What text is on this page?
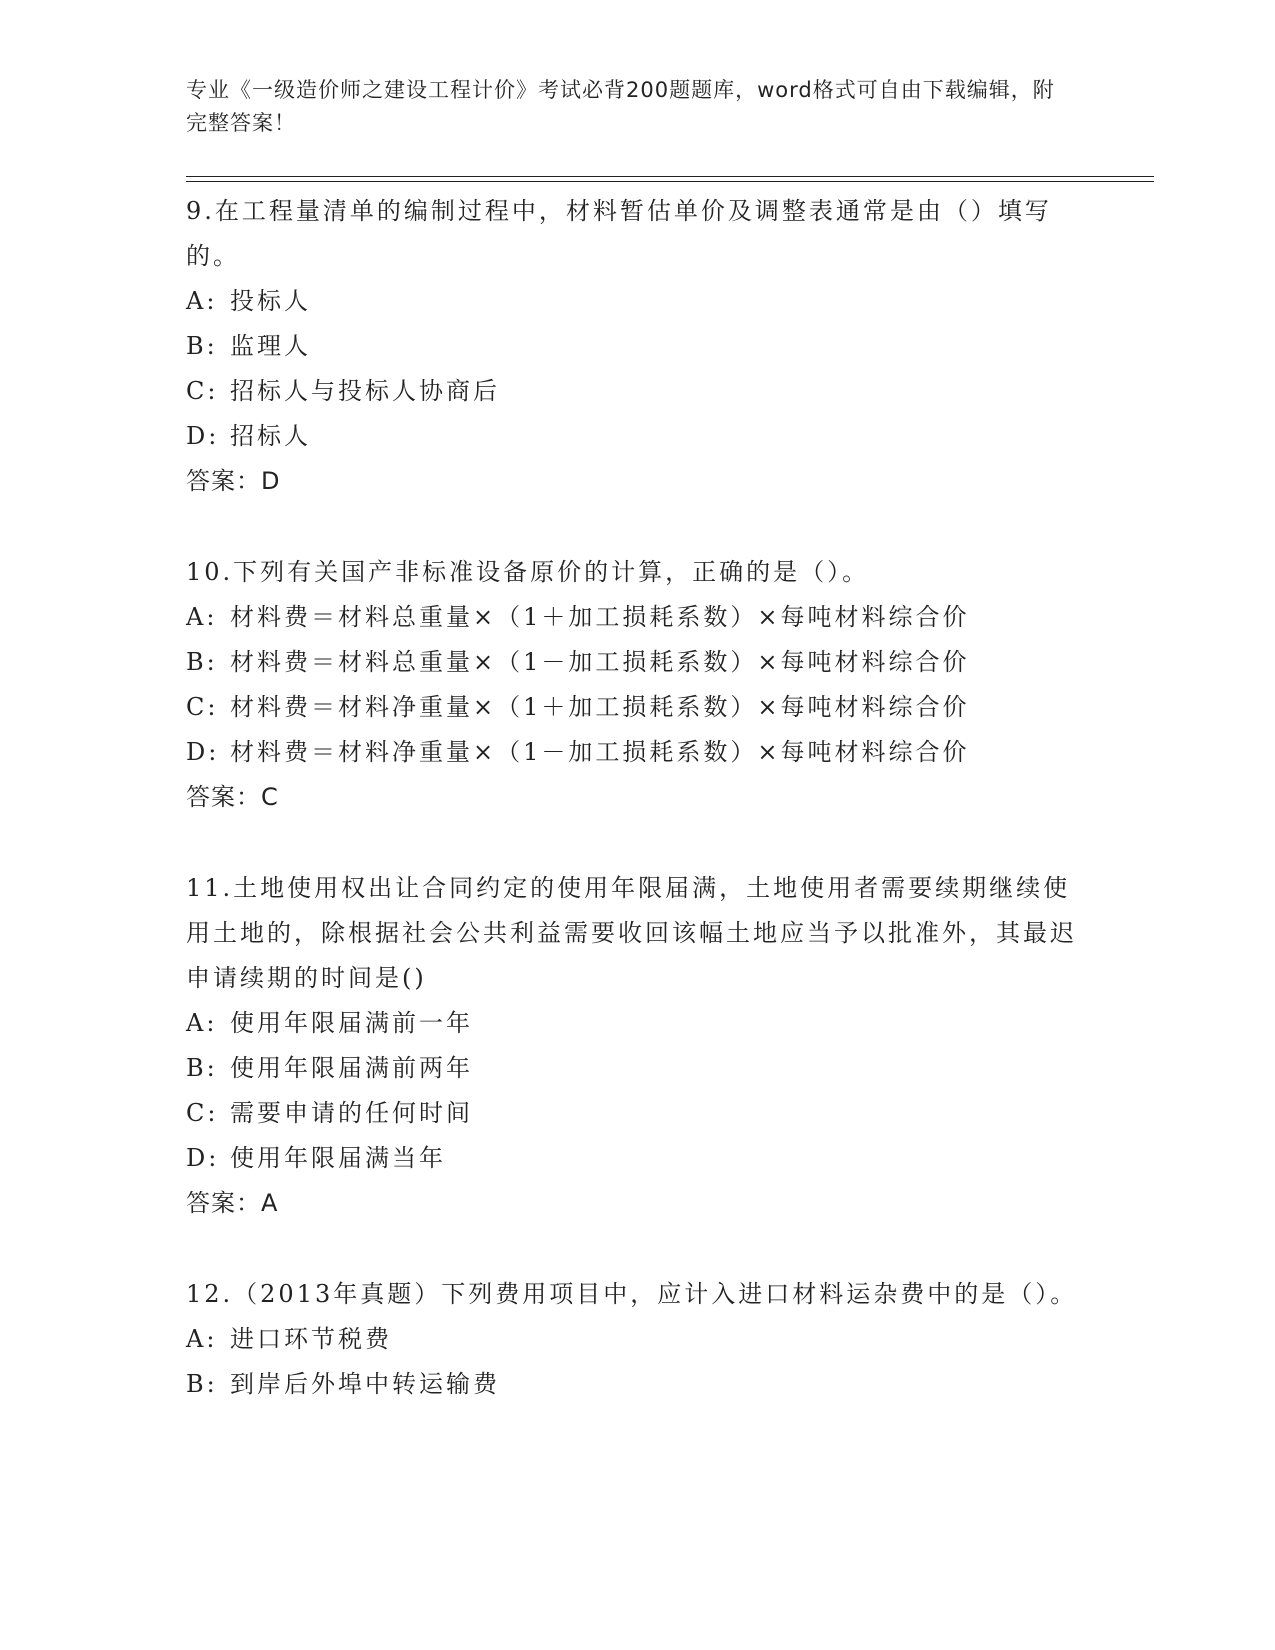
专业《一级造价师之建设工程计价》考试必背200题题库，word格式可自由下载编辑，附完整答案！

9.在工程量清单的编制过程中，材料暂估单价及调整表通常是由（）填写的。

A: 投标人
B: 监理人
C: 招标人与投标人协商后
D: 招标人

答案：D

10.下列有关国产非标准设备原价的计算，正确的是（）。

A: 材料费＝材料总重量×（1＋加工损耗系数）×每吨材料综合价
B: 材料费＝材料总重量×（1－加工损耗系数）×每吨材料综合价
C: 材料费＝材料净重量×（1＋加工损耗系数）×每吨材料综合价
D: 材料费＝材料净重量×（1－加工损耗系数）×每吨材料综合价

答案：C

11.土地使用权出让合同约定的使用年限届满，土地使用者需要续期继续使用土地的，除根据社会公共利益需要收回该幅土地应当予以批准外，其最迟申请续期的时间是()

A: 使用年限届满前一年
B: 使用年限届满前两年
C: 需要申请的任何时间
D: 使用年限届满当年

答案：A

12.（2013年真题）下列费用项目中，应计入进口材料运杂费中的是（）。

A: 进口环节税费
B: 到岸后外埠中转运输费
